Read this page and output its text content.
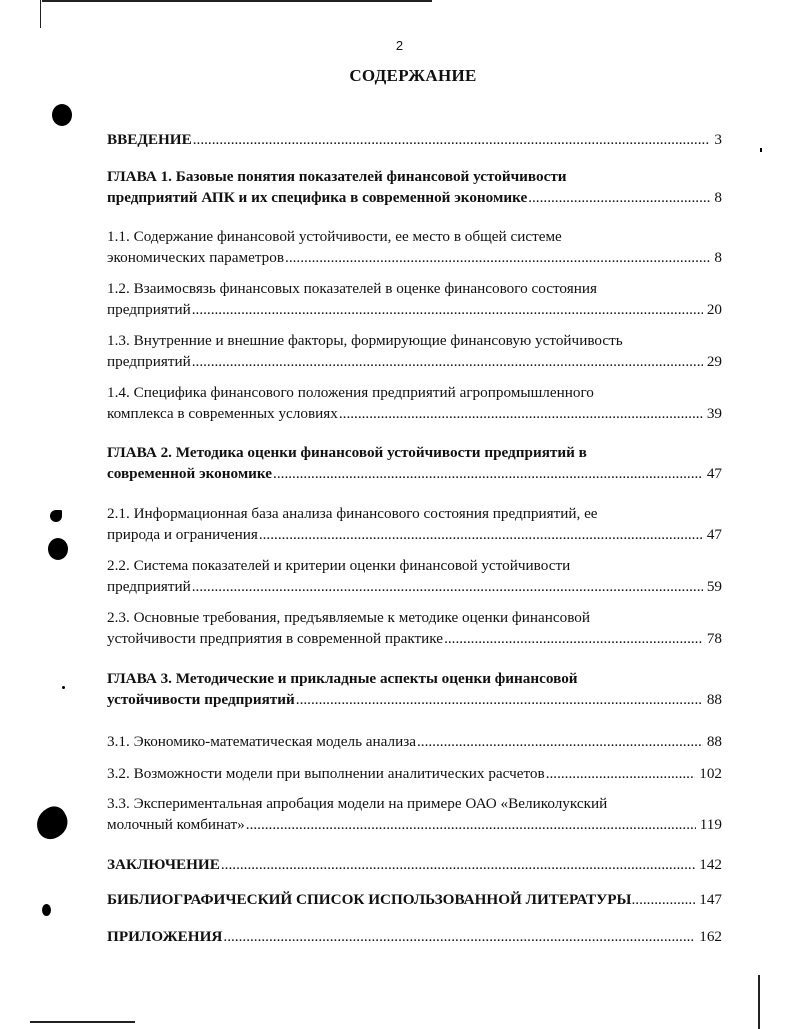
2
СОДЕРЖАНИЕ
ВВЕДЕНИЕ .....	3
ГЛАВА 1. Базовые понятия показателей финансовой устойчивости
предприятий АПК и их специфика в современной экономике .....	8
1.1. Содержание финансовой устойчивости, ее место в общей системе
экономических параметров .....	8
1.2. Взаимосвязь финансовых показателей в оценке финансового состояния
предприятий .....	20
1.3. Внутренние и внешние факторы, формирующие финансовую устойчивость
предприятий .....	29
1.4. Специфика финансового положения предприятий агропромышленного
комплекса в современных условиях .....	39
ГЛАВА 2. Методика оценки финансовой устойчивости предприятий в
современной экономике .....	47
2.1. Информационная база анализа финансового состояния предприятий, ее
природа и ограничения .....	47
2.2. Система показателей и критерии оценки финансовой устойчивости
предприятий .....	59
2.3. Основные требования, предъявляемые к методике оценки финансовой
устойчивости предприятия в современной практике .....	78
ГЛАВА 3. Методические и прикладные аспекты оценки финансовой
устойчивости предприятий .....	88
3.1. Экономико-математическая модель анализа .....	88
3.2. Возможности модели при выполнении аналитических расчетов .....	102
3.3. Экспериментальная апробация модели на примере ОАО «Великолукский
молочный комбинат» .....	119
ЗАКЛЮЧЕНИЕ .....	142
БИБЛИОГРАФИЧЕСКИЙ СПИСОК ИСПОЛЬЗОВАННОЙ ЛИТЕРАТУРЫ .....	147
ПРИЛОЖЕНИЯ .....	162
